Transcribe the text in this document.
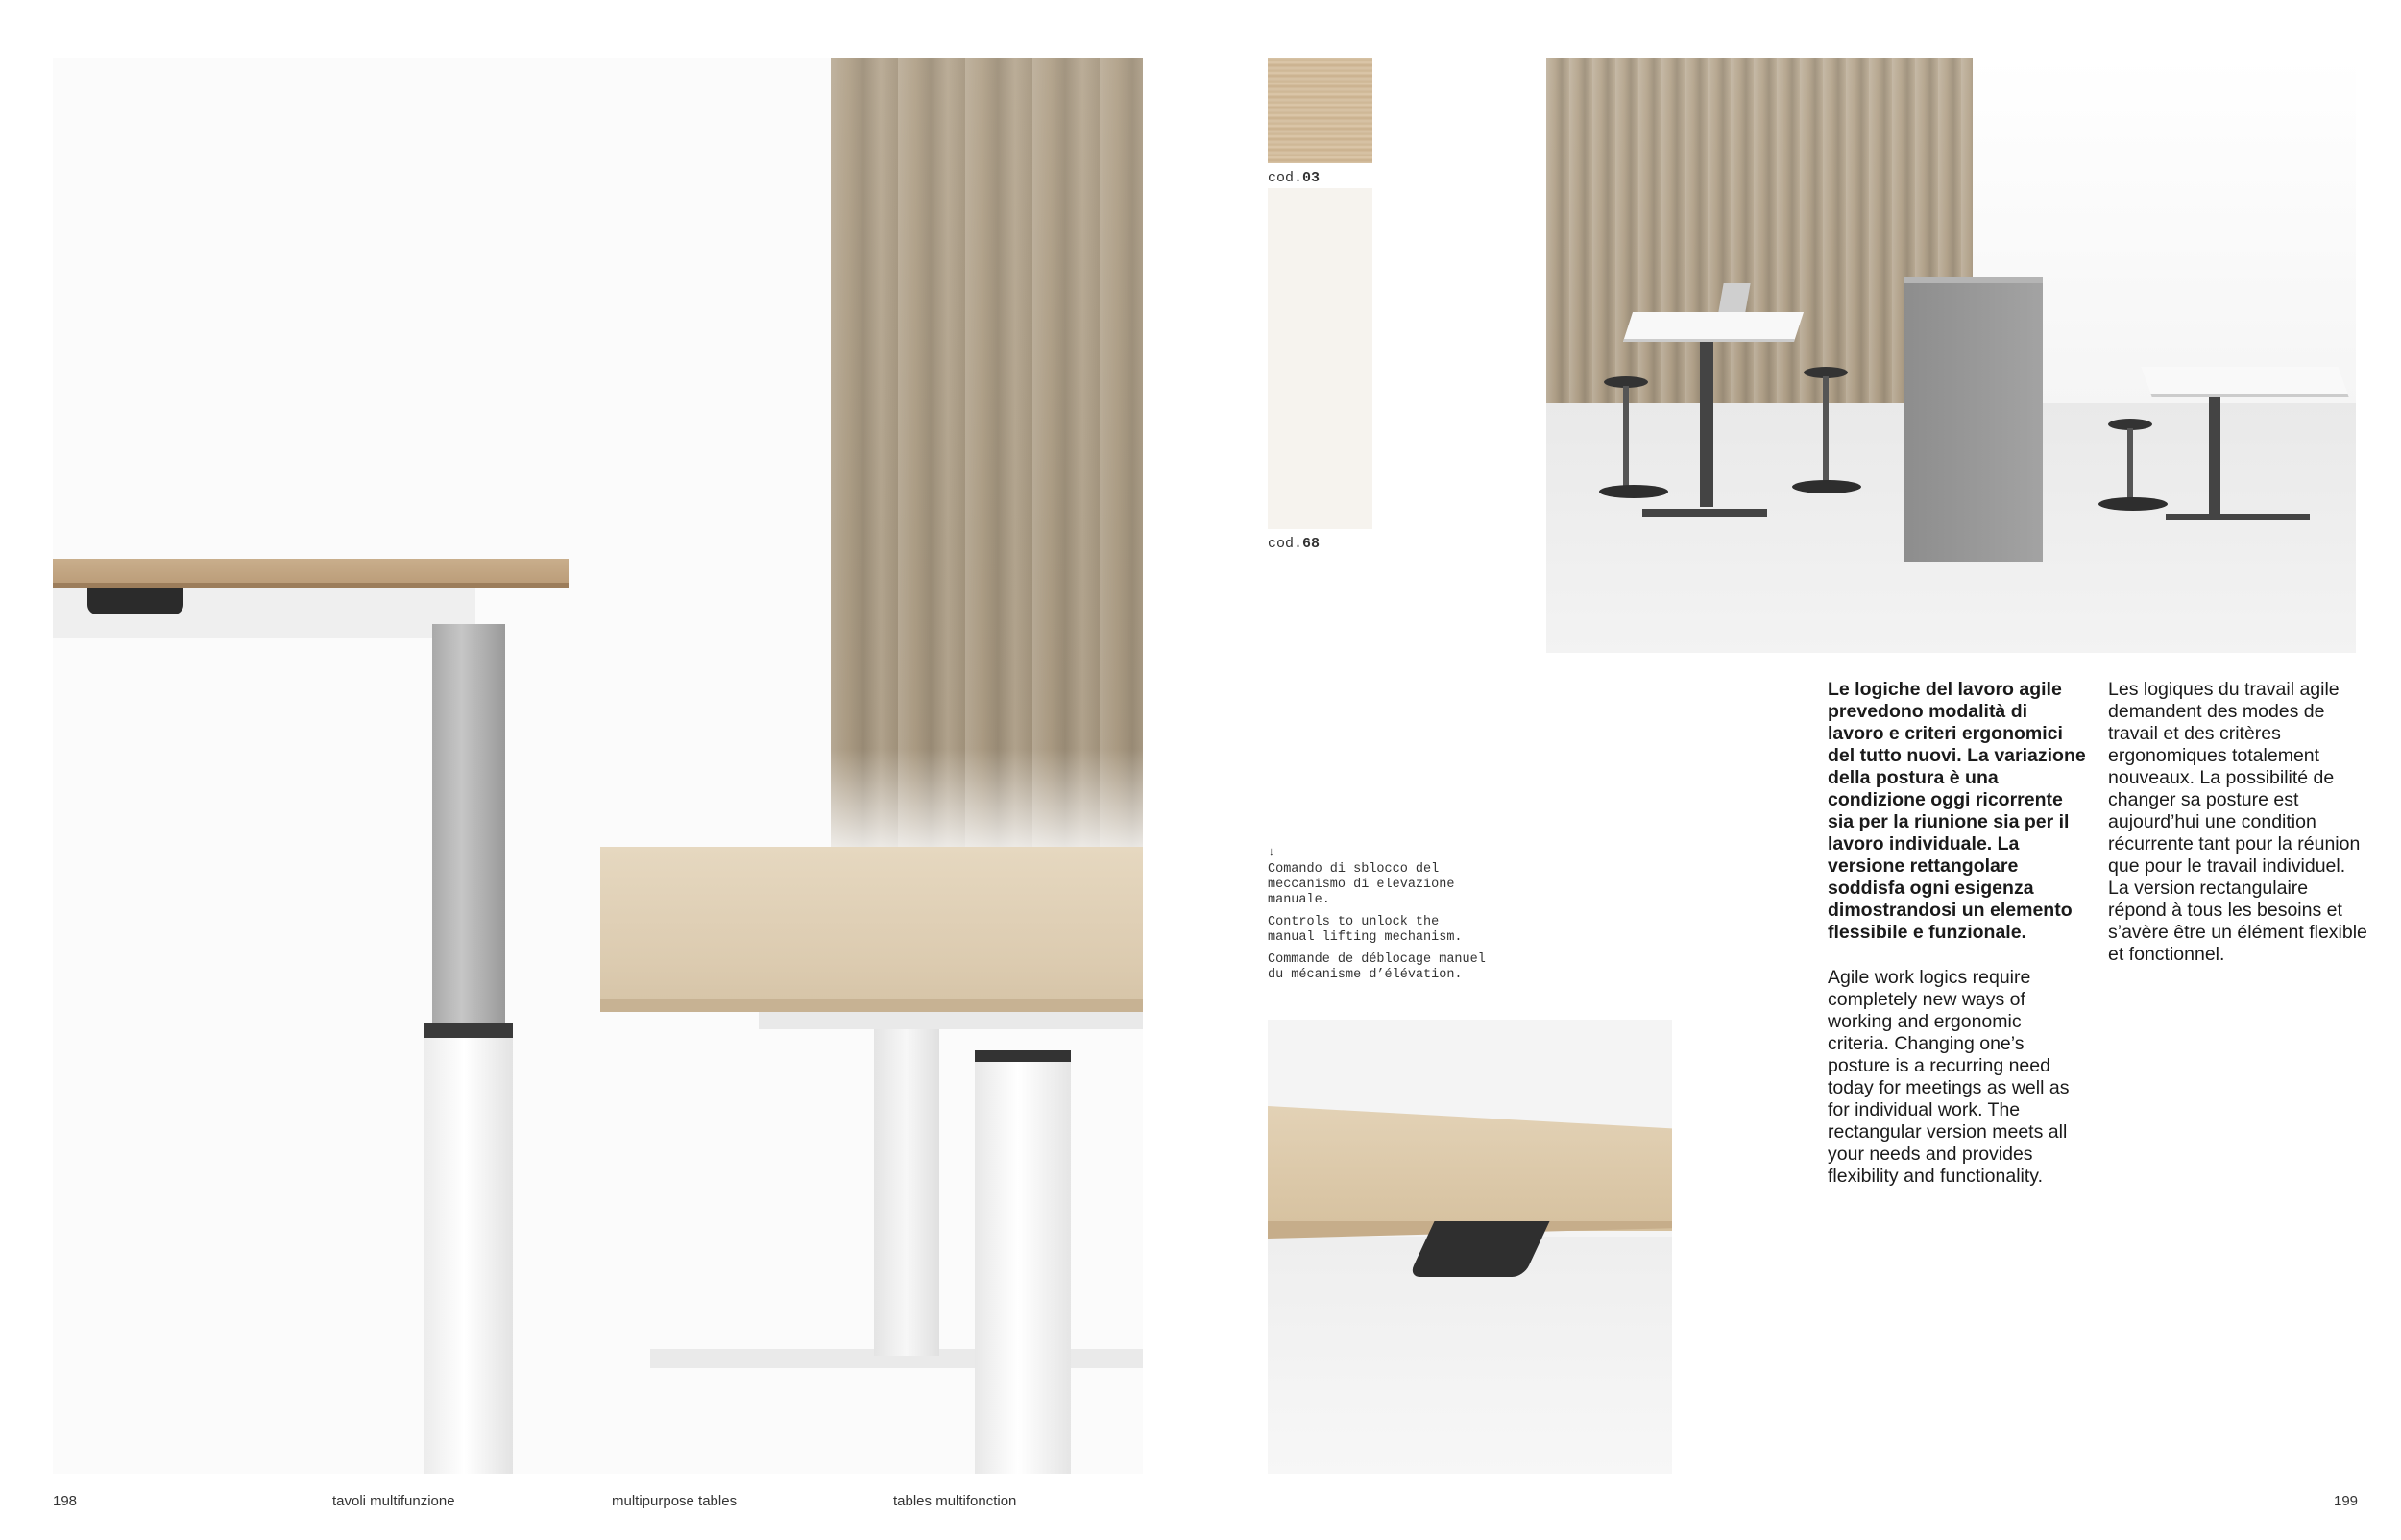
cod.03
cod.68
↓

Comando di sblocco del meccanismo di elevazione manuale.

Controls to unlock the manual lifting mechanism.

Commande de déblocage manuel du mécanisme d’élévation.

Le logiche del lavoro agile prevedono modalità di lavoro e criteri ergonomici del tutto nuovi. La variazione della postura è una condizione oggi ricorrente sia per la riunione sia per il lavoro individuale. La versione rettangolare soddisfa ogni esigenza dimostrandosi un elemento flessibile e funzionale.
Agile work logics require completely new ways of working and ergonomic criteria. Changing one’s posture is a recurring need today for meetings as well as for individual work. The rectangular version meets all your needs and provides flexibility and functionality.
Les logiques du travail agile demandent des modes de travail et des critères ergonomiques totalement nouveaux. La possibilité de changer sa posture est aujourd’hui une condition récurrente tant pour la réunion que pour le travail individuel. La version rectangulaire répond à tous les besoins et s’avère être un élément flexible et fonctionnel.
198	tavoli multifunzione	multipurpose tables	tables multifonction	199
